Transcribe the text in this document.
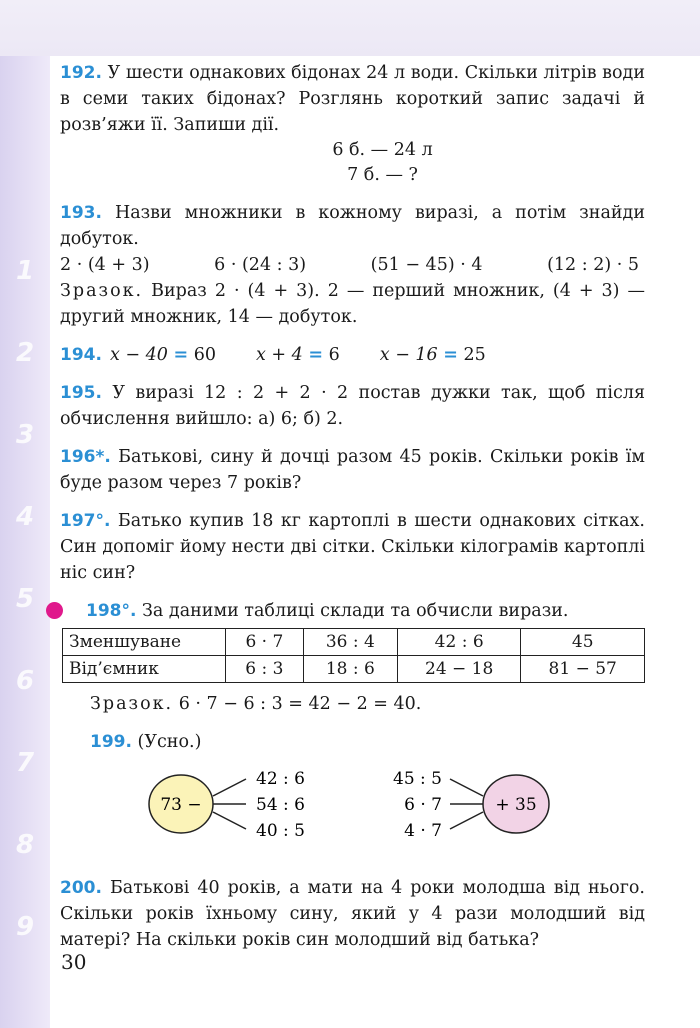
1
2
3
4
5
6
7
8
9

192. У шести однакових бідонах 24 л води. Скільки літрів води в семи таких бідонах? Розглянь короткий запис задачі й розв’яжи її. Запиши дії.

6 б. — 24 л

7 б. — ?

193. Назви множники в кожному виразі, а потім знайди добуток.

2 · (4 + 3)	6 · (24 : 3)	(51 − 45) · 4	(12 : 2) · 5

Зразок. Вираз 2 · (4 + 3). 2 — перший множник, (4 + 3) — другий множник, 14 — добуток.

194. x − 40 = 60 x + 4 = 6 x − 16 = 25

195. У виразі 12 : 2 + 2 · 2 постав дужки так, щоб після обчислення вийшло: а) 6; б) 2.

196*. Батькові, сину й дочці разом 45 років. Скільки років їм буде разом через 7 років?

197°. Батько купив 18 кг картоплі в шести однакових сітках. Син допоміг йому нести дві сітки. Скільки кілограмів картоплі ніс син?

198°. За даними таблиці склади та обчисли вирази.

Зменшуване	6 · 7	36 : 4	42 : 6	45
Від’ємник	6 : 3	18 : 6	24 − 18	81 − 57

Зразок. 6 · 7 − 6 : 3 = 42 − 2 = 40.

199. (Усно.)

73 −
42 : 6
54 : 6
40 : 5
45 : 5
6 · 7
4 · 7
+ 35

200. Батькові 40 років, а мати на 4 роки молодша від нього. Скільки років їхньому сину, який у 4 рази молодший від матері? На скільки років син молодший від батька?

30
